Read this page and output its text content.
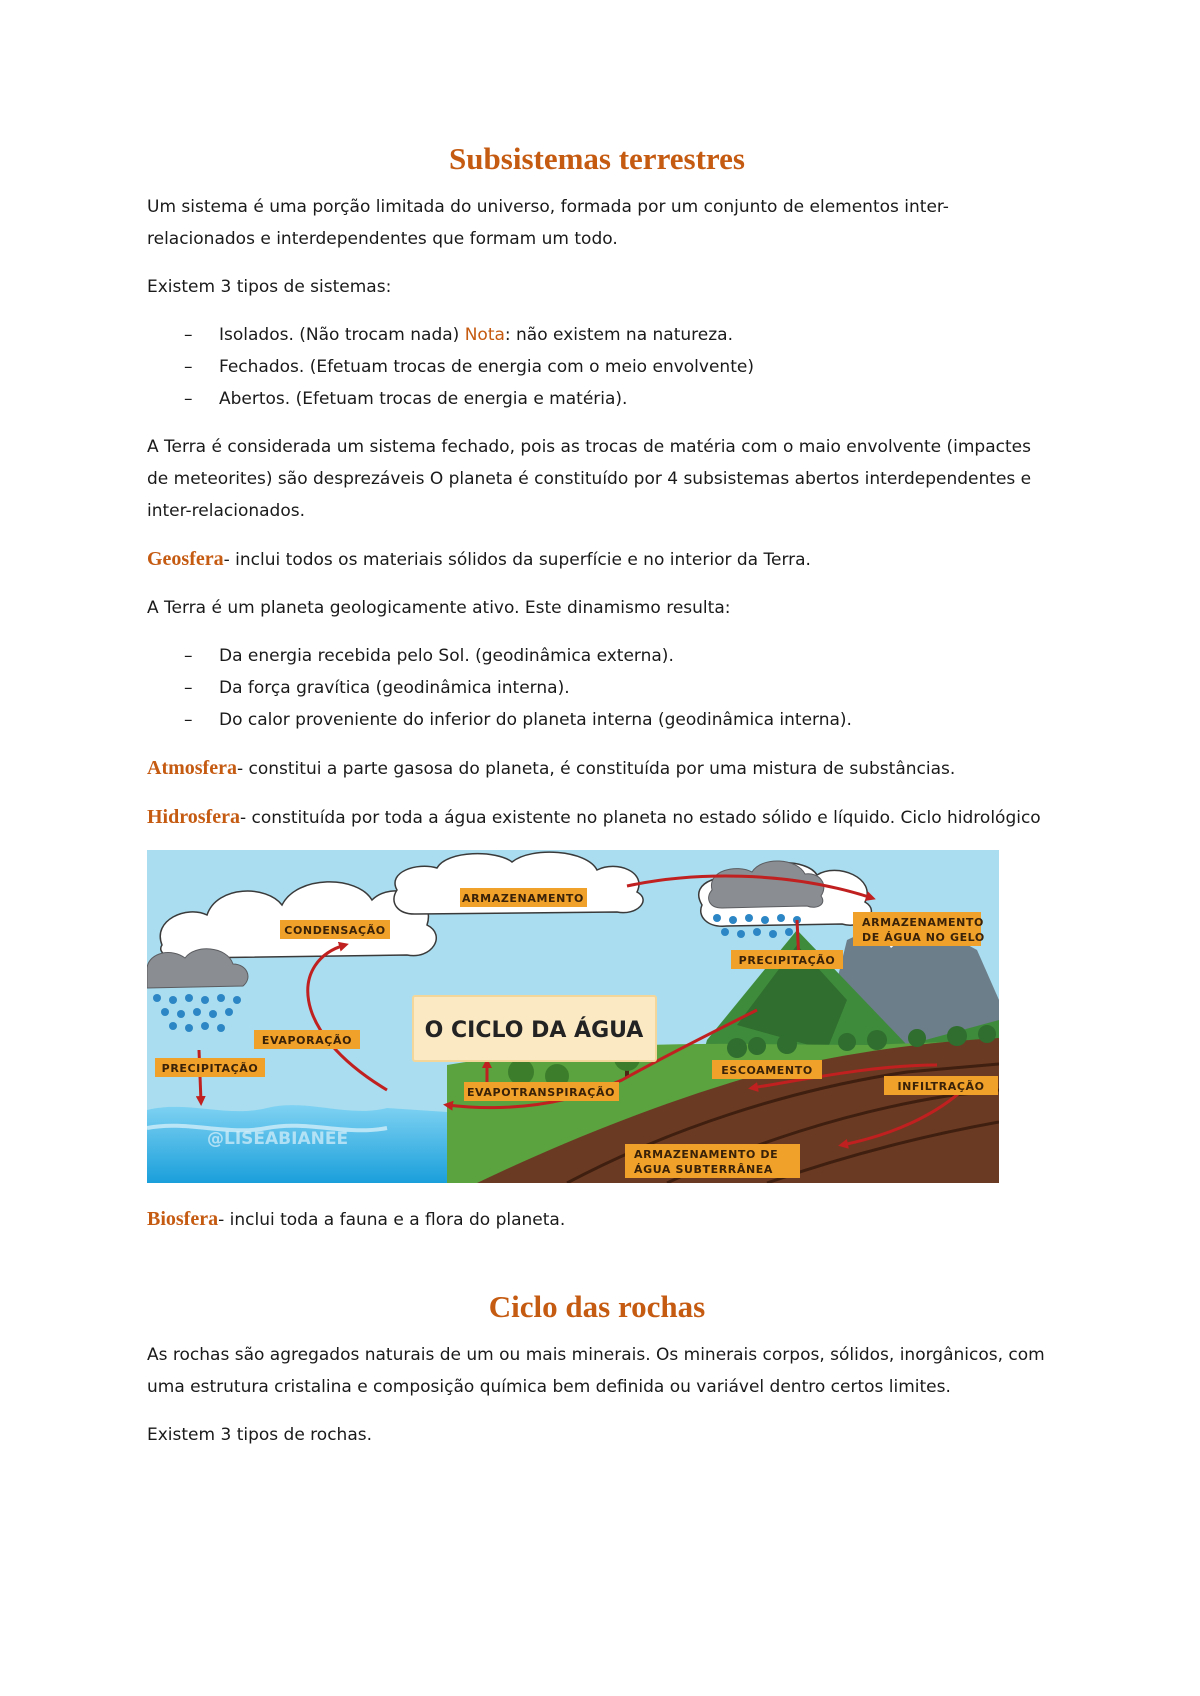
Subsistemas terrestres

Um sistema é uma porção limitada do universo, formada por um conjunto de elementos inter-relacionados e interdependentes que formam um todo.

Existem 3 tipos de sistemas:

– Isolados. (Não trocam nada) Nota: não existem na natureza.
– Fechados. (Efetuam trocas de energia com o meio envolvente)
– Abertos. (Efetuam trocas de energia e matéria).

A Terra é considerada um sistema fechado, pois as trocas de matéria com o maio envolvente (impactes de meteorites) são desprezáveis O planeta é constituído por 4 subsistemas abertos interdependentes e inter-relacionados.

Geosfera- inclui todos os materiais sólidos da superfície e no interior da Terra.

A Terra é um planeta geologicamente ativo. Este dinamismo resulta:

– Da energia recebida pelo Sol. (geodinâmica externa).
– Da força gravítica (geodinâmica interna).
– Do calor proveniente do inferior do planeta interna (geodinâmica interna).

Atmosfera- constitui a parte gasosa do planeta, é constituída por uma mistura de substâncias.

Hidrosfera- constituída por toda a água existente no planeta no estado sólido e líquido. Ciclo hidrológico

@LISEABIANEE
O CICLO DA ÁGUA
CONDENSAÇÃO
ARMAZENAMENTO
ARMAZENAMENTO
DE ÁGUA NO GELO
PRECIPITAÇÃO
EVAPORAÇÃO
PRECIPITAÇÃO	ESCOAMENTO
INFILTRAÇÃO
EVAPOTRANSPIRAÇÃO
ARMAZENAMENTO DE
ÁGUA SUBTERRÂNEA

Biosfera- inclui toda a fauna e a flora do planeta.

Ciclo das rochas

As rochas são agregados naturais de um ou mais minerais. Os minerais corpos, sólidos, inorgânicos, com uma estrutura cristalina e composição química bem definida ou variável dentro certos limites.

Existem 3 tipos de rochas.
